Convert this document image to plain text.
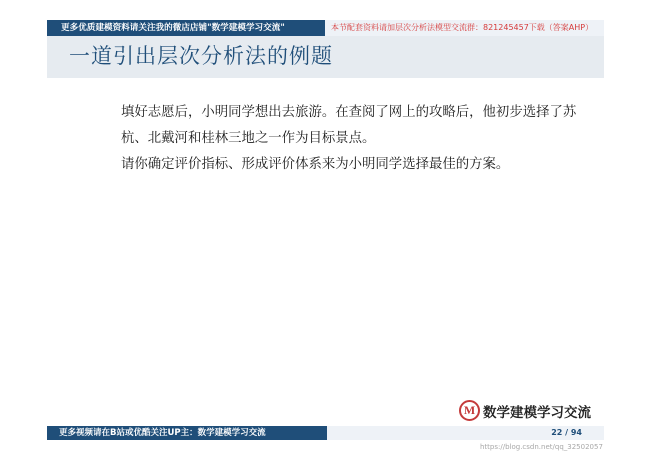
更多优质建模资料请关注我的微店店铺"数学建模学习交流"	本节配套资料请加层次分析法模型交流群：821245457下载（答案AHP）
一道引出层次分析法的例题

填好志愿后，小明同学想出去旅游。在查阅了网上的攻略后，他初步选择了苏杭、北戴河和桂林三地之一作为目标景点。

请你确定评价指标、形成评价体系来为小明同学选择最佳的方案。

M 数学建模学习交流
更多视频请在B站或优酷关注UP主：数学建模学习交流	22 / 94
https://blog.csdn.net/qq_32502057
